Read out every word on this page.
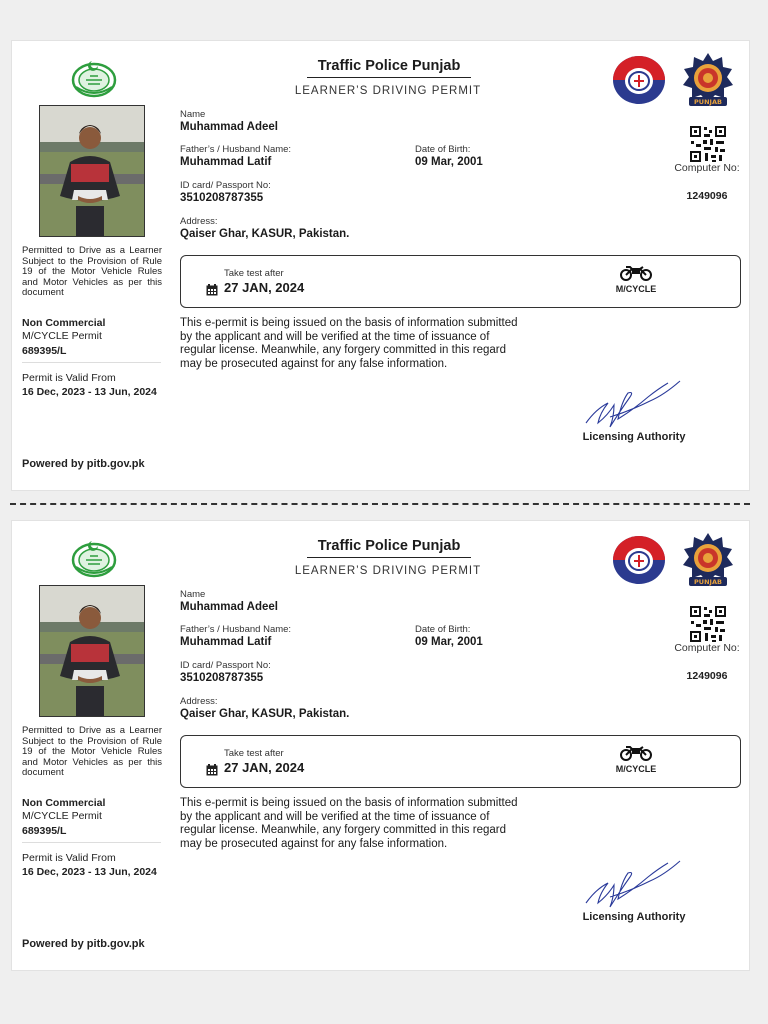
Permitted to Drive as a Learner Subject to the Provision of Rule 19 of the Motor Vehicle Rules and Motor Vehicles as per this document
Non Commercial
M/CYCLE Permit
689395/L
Permit is Valid From
16 Dec, 2023 - 13 Jun, 2024
Powered by pitb.gov.pk
Traffic Police Punjab
LEARNER’S DRIVING PERMIT
PUNJAB
Computer No:
1249096
Name
Muhammad Adeel
Father’s / Husband Name:
Muhammad Latif
Date of Birth:
09 Mar, 2001
ID card/ Passport No:
3510208787355
Address:
Qaiser Ghar, KASUR, Pakistan.
Take test after
27 JAN, 2024	M/CYCLE
This e-permit is being issued on the basis of information submitted by the applicant and will be verified at the time of issuance of regular license. Meanwhile, any forgery committed in this regard may be prosecuted against for any false information.
Licensing Authority
Permitted to Drive as a Learner Subject to the Provision of Rule 19 of the Motor Vehicle Rules and Motor Vehicles as per this document
Non Commercial
M/CYCLE Permit
689395/L
Permit is Valid From
16 Dec, 2023 - 13 Jun, 2024
Powered by pitb.gov.pk
Traffic Police Punjab
LEARNER’S DRIVING PERMIT
PUNJAB
Computer No:
1249096
Name
Muhammad Adeel
Father’s / Husband Name:
Muhammad Latif
Date of Birth:
09 Mar, 2001
ID card/ Passport No:
3510208787355
Address:
Qaiser Ghar, KASUR, Pakistan.
Take test after
27 JAN, 2024	M/CYCLE
This e-permit is being issued on the basis of information submitted by the applicant and will be verified at the time of issuance of regular license. Meanwhile, any forgery committed in this regard may be prosecuted against for any false information.
Licensing Authority
